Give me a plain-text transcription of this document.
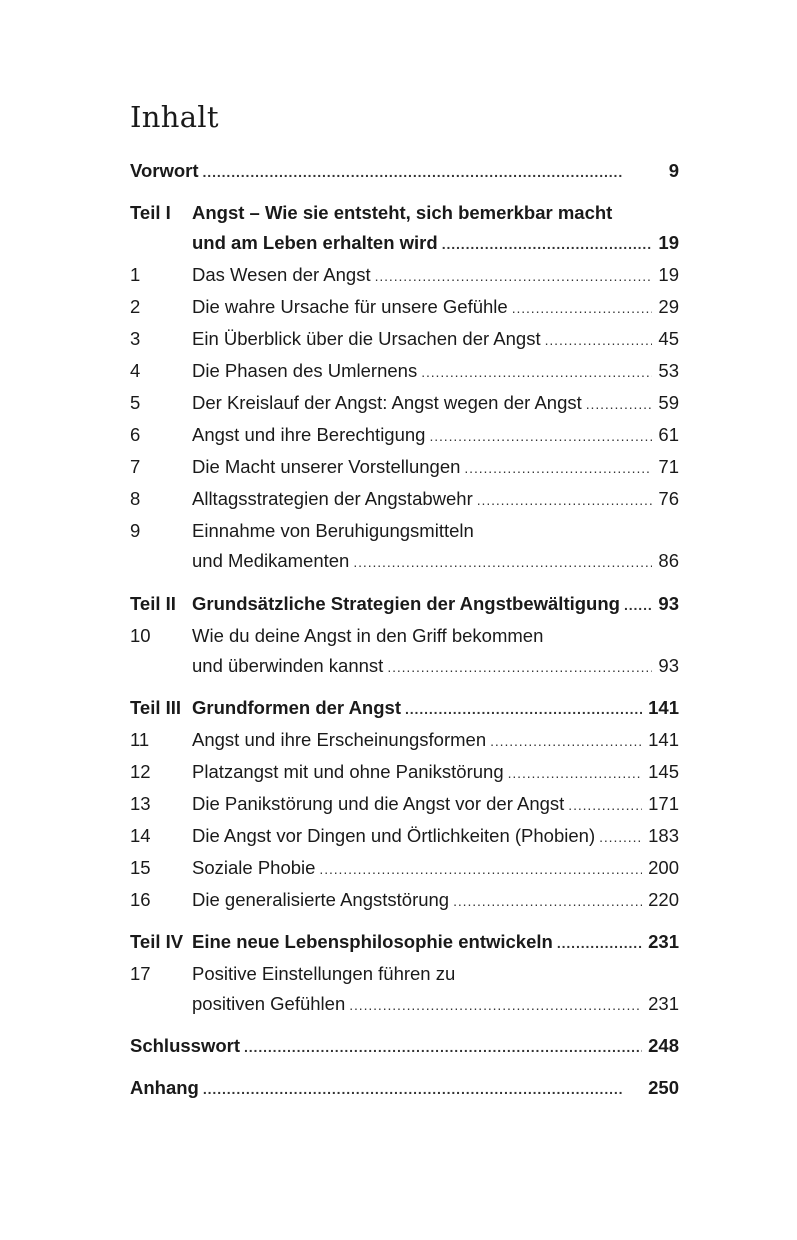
Inhalt
Vorwort . . .	9
Teil I Angst – Wie sie entsteht, sich bemerkbar macht
und am Leben erhalten wird . . .	19
1	Das Wesen der Angst . . .	19
2	Die wahre Ursache für unsere Gefühle . . .	29
3	Ein Überblick über die Ursachen der Angst . . .	45
4	Die Phasen des Umlernens . . .	53
5	Der Kreislauf der Angst: Angst wegen der Angst . . .	59
6	Angst und ihre Berechtigung . . .	61
7	Die Macht unserer Vorstellungen . . .	71
8	Alltagsstrategien der Angstabwehr . . .	76
9	Einnahme von Beruhigungsmitteln
und Medikamenten . . .	86
Teil II Grundsätzliche Strategien der Angstbewältigung . . .	93
10 Wie du deine Angst in den Griff bekommen
und überwinden kannst . . .	93
Teil III Grundformen der Angst . . .	141
11 Angst und ihre Erscheinungsformen . . .	141
12 Platzangst mit und ohne Panikstörung . . .	145
13 Die Panikstörung und die Angst vor der Angst . . .	171
14 Die Angst vor Dingen und Örtlichkeiten (Phobien) . . .	183
15 Soziale Phobie . . .	200
16 Die generalisierte Angststörung . . .	220
Teil IV Eine neue Lebensphilosophie entwickeln . . .	231
17 Positive Einstellungen führen zu
positiven Gefühlen . . .	231
Schlusswort . . .	248
Anhang . . .	250
